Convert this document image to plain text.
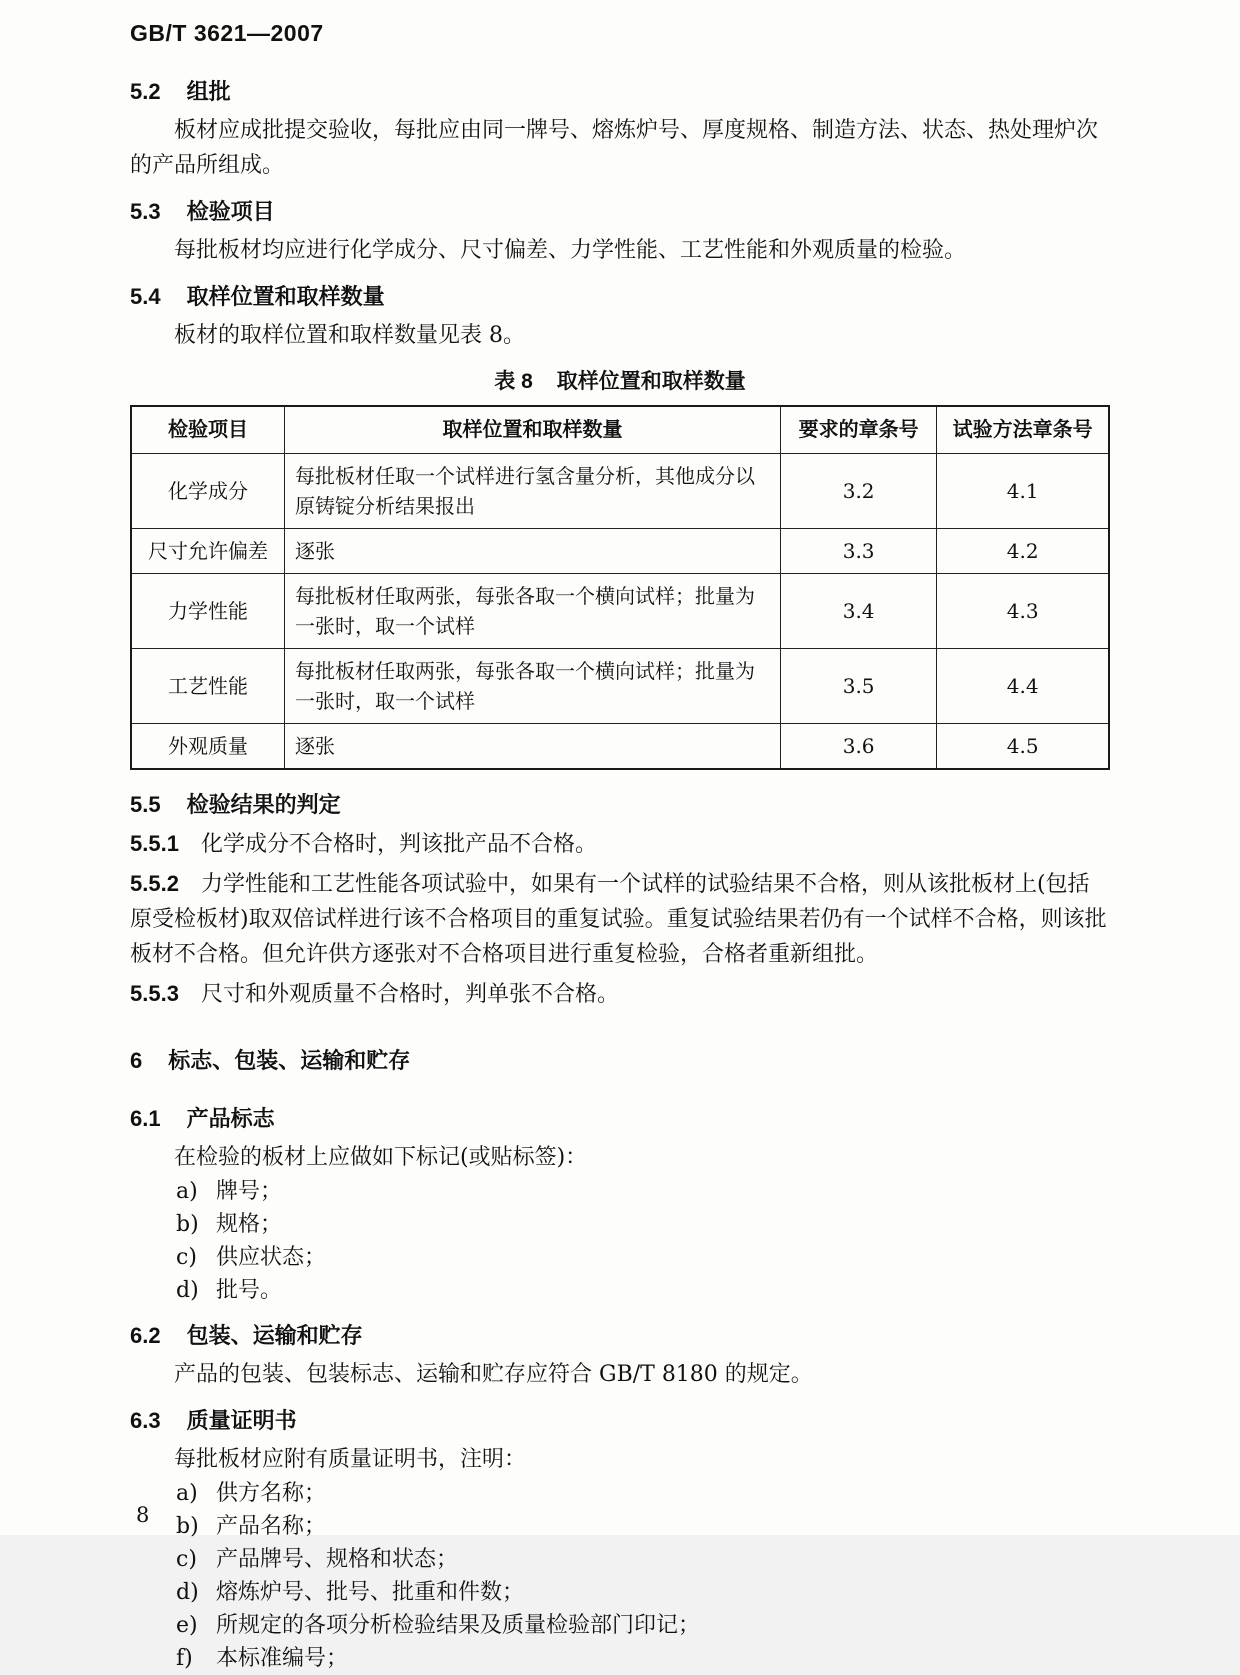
GB/T 3621—2007
5.2 组批

板材应成批提交验收，每批应由同一牌号、熔炼炉号、厚度规格、制造方法、状态、热处理炉次的产品所组成。

5.3 检验项目

每批板材均应进行化学成分、尺寸偏差、力学性能、工艺性能和外观质量的检验。

5.4 取样位置和取样数量

板材的取样位置和取样数量见表 8。

表 8 取样位置和取样数量
检验项目	取样位置和取样数量	要求的章条号	试验方法章条号
化学成分	每批板材任取一个试样进行氢含量分析，其他成分以原铸锭分析结果报出	3.2	4.1
尺寸允许偏差	逐张	3.3	4.2
力学性能	每批板材任取两张，每张各取一个横向试样；批量为一张时，取一个试样	3.4	4.3
工艺性能	每批板材任取两张，每张各取一个横向试样；批量为一张时，取一个试样	3.5	4.4
外观质量	逐张	3.6	4.5
5.5 检验结果的判定

5.5.1 化学成分不合格时，判该批产品不合格。

5.5.2 力学性能和工艺性能各项试验中，如果有一个试样的试验结果不合格，则从该批板材上(包括原受检板材)取双倍试样进行该不合格项目的重复试验。重复试验结果若仍有一个试样不合格，则该批板材不合格。但允许供方逐张对不合格项目进行重复检验，合格者重新组批。

5.5.3 尺寸和外观质量不合格时，判单张不合格。

6 标志、包装、运输和贮存
6.1 产品标志

在检验的板材上应做如下标记(或贴标签)：

a) 牌号；

b) 规格；

c) 供应状态；

d) 批号。

6.2 包装、运输和贮存

产品的包装、包装标志、运输和贮存应符合 GB/T 8180 的规定。

6.3 质量证明书

每批板材应附有质量证明书，注明：

a) 供方名称；

b) 产品名称；

c) 产品牌号、规格和状态；

d) 熔炼炉号、批号、批重和件数；

e) 所规定的各项分析检验结果及质量检验部门印记；

f) 本标准编号；

8
